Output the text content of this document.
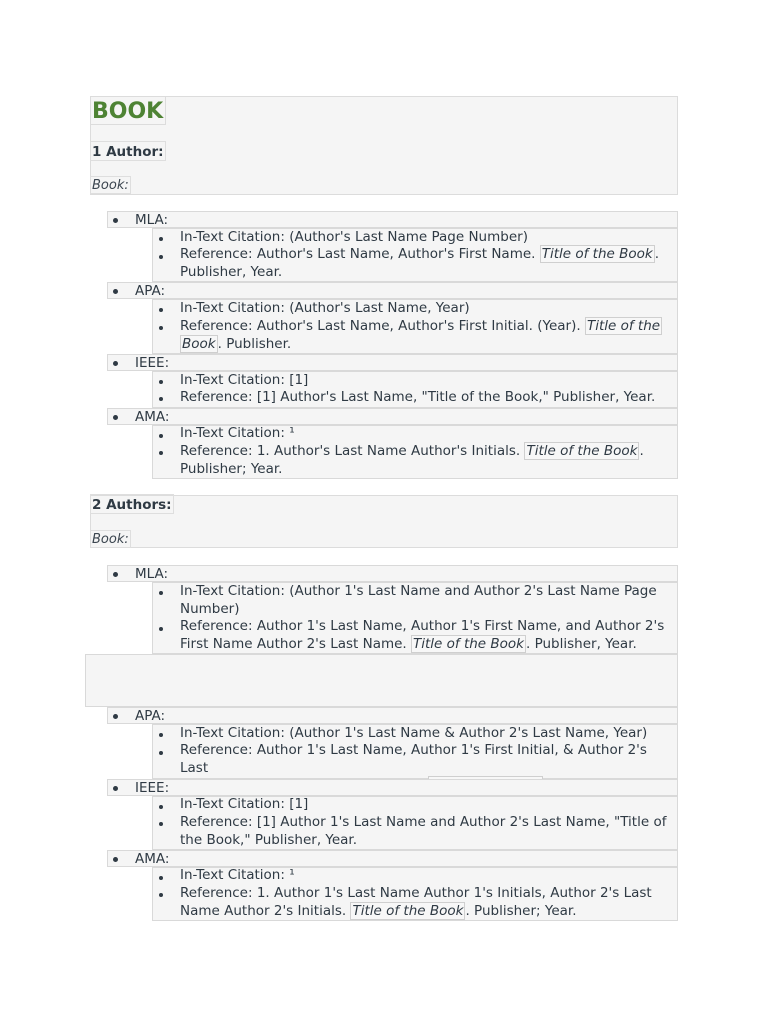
BOOK
1 Author:
Book:
MLA:
In-Text Citation: (Author's Last Name Page Number)
Reference: Author's Last Name, Author's First Name. Title of the Book .
Publisher, Year.
APA:
In-Text Citation: (Author's Last Name, Year)
Reference: Author's Last Name, Author's First Initial. (Year). Title of the
Book . Publisher.
IEEE:
In-Text Citation: [1]
Reference: [1] Author's Last Name, "Title of the Book," Publisher, Year.
AMA:
In-Text Citation: ¹
Reference: 1. Author's Last Name Author's Initials. Title of the Book .
Publisher; Year.
2 Authors:
Book:
MLA:
In-Text Citation: (Author 1's Last Name and Author 2's Last Name Page
Number)
Reference: Author 1's Last Name, Author 1's First Name, and Author 2's
First Name Author 2's Last Name. Title of the Book . Publisher, Year.
APA:
In-Text Citation: (Author 1's Last Name & Author 2's Last Name, Year)
Reference: Author 1's Last Name, Author 1's First Initial, & Author 2's Last

IEEE:
In-Text Citation: [1]
Reference: [1] Author 1's Last Name and Author 2's Last Name, "Title of
the Book," Publisher, Year.
AMA:
In-Text Citation: ¹
Reference: 1. Author 1's Last Name Author 1's Initials, Author 2's Last
Name Author 2's Initials. Title of the Book . Publisher; Year.
